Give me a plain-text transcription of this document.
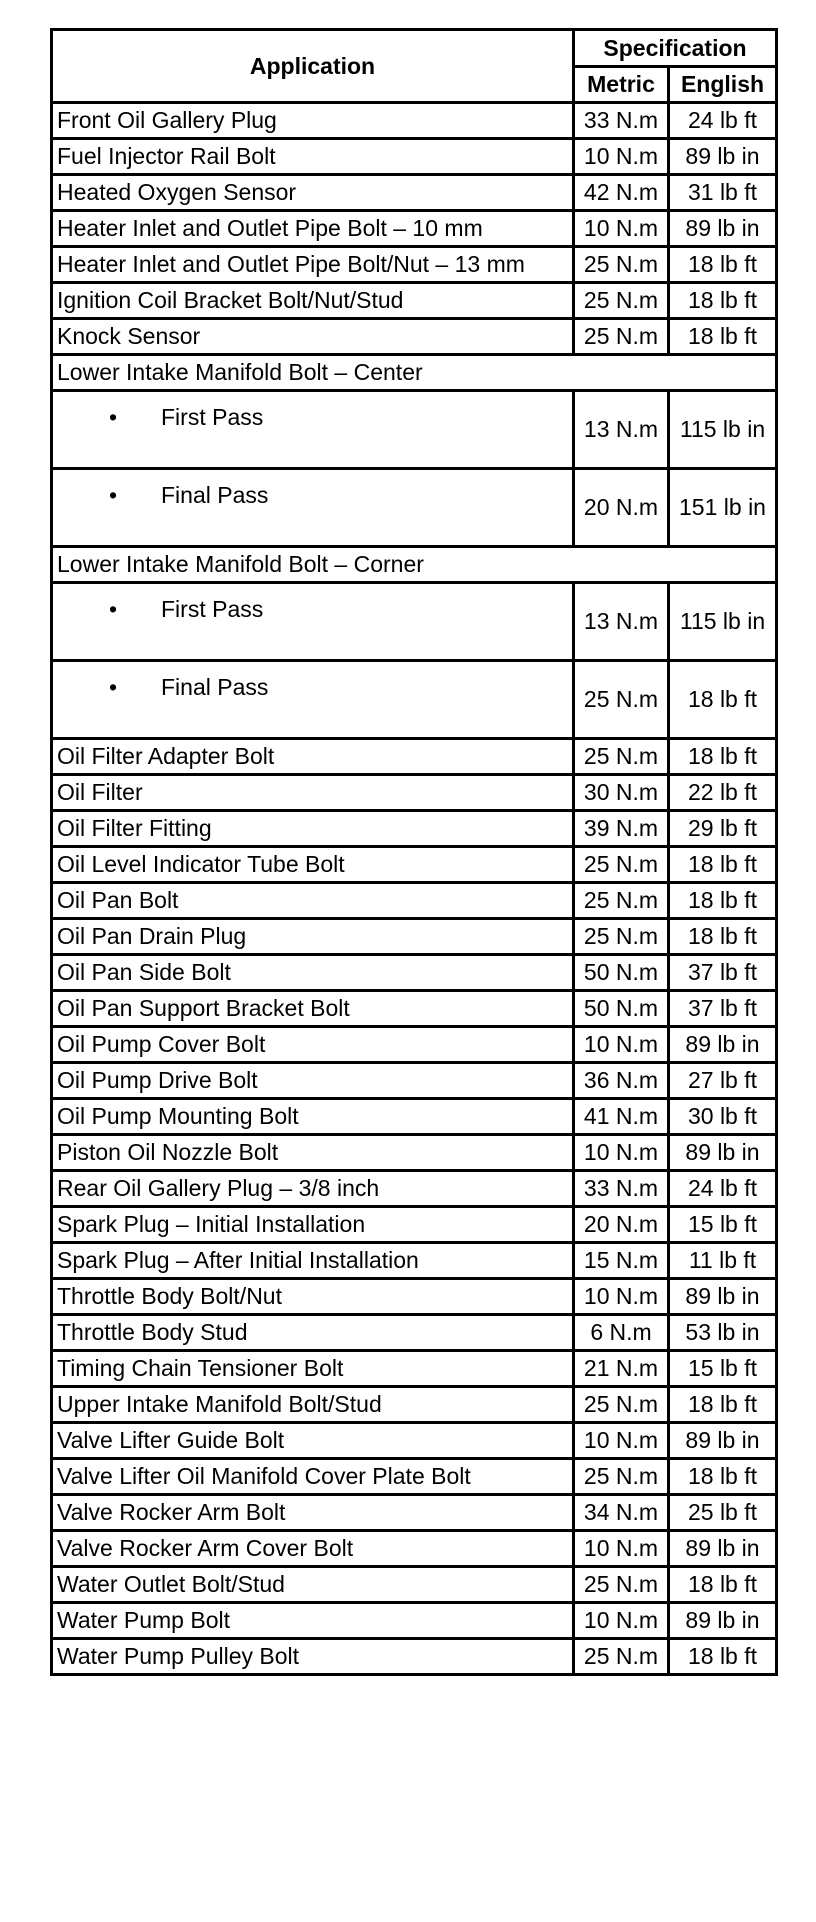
Application	Specification	
	Metric	English
Front Oil Gallery Plug	33 N.m	24 lb ft
Fuel Injector Rail Bolt	10 N.m	89 lb in
Heated Oxygen Sensor	42 N.m	31 lb ft
Heater Inlet and Outlet Pipe Bolt – 10 mm	10 N.m	89 lb in
Heater Inlet and Outlet Pipe Bolt/Nut – 13 mm	25 N.m	18 lb ft
Ignition Coil Bracket Bolt/Nut/Stud	25 N.m	18 lb ft
Knock Sensor	25 N.m	18 lb ft
Lower Intake Manifold Bolt – Center		
• First Pass	13 N.m	115 lb in
• Final Pass	20 N.m	151 lb in
Lower Intake Manifold Bolt – Corner		
• First Pass	13 N.m	115 lb in
• Final Pass	25 N.m	18 lb ft
Oil Filter Adapter Bolt	25 N.m	18 lb ft
Oil Filter	30 N.m	22 lb ft
Oil Filter Fitting	39 N.m	29 lb ft
Oil Level Indicator Tube Bolt	25 N.m	18 lb ft
Oil Pan Bolt	25 N.m	18 lb ft
Oil Pan Drain Plug	25 N.m	18 lb ft
Oil Pan Side Bolt	50 N.m	37 lb ft
Oil Pan Support Bracket Bolt	50 N.m	37 lb ft
Oil Pump Cover Bolt	10 N.m	89 lb in
Oil Pump Drive Bolt	36 N.m	27 lb ft
Oil Pump Mounting Bolt	41 N.m	30 lb ft
Piston Oil Nozzle Bolt	10 N.m	89 lb in
Rear Oil Gallery Plug – 3/8 inch	33 N.m	24 lb ft
Spark Plug – Initial Installation	20 N.m	15 lb ft
Spark Plug – After Initial Installation	15 N.m	11 lb ft
Throttle Body Bolt/Nut	10 N.m	89 lb in
Throttle Body Stud	6 N.m	53 lb in
Timing Chain Tensioner Bolt	21 N.m	15 lb ft
Upper Intake Manifold Bolt/Stud	25 N.m	18 lb ft
Valve Lifter Guide Bolt	10 N.m	89 lb in
Valve Lifter Oil Manifold Cover Plate Bolt	25 N.m	18 lb ft
Valve Rocker Arm Bolt	34 N.m	25 lb ft
Valve Rocker Arm Cover Bolt	10 N.m	89 lb in
Water Outlet Bolt/Stud	25 N.m	18 lb ft
Water Pump Bolt	10 N.m	89 lb in
Water Pump Pulley Bolt	25 N.m	18 lb ft
